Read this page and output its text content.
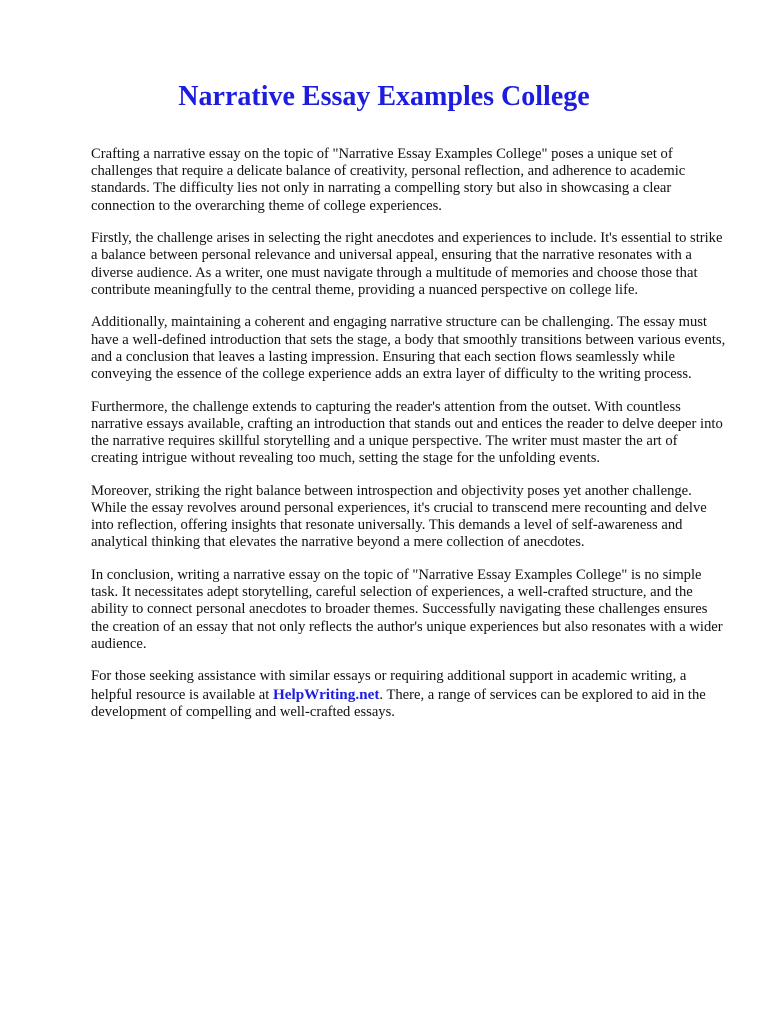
Narrative Essay Examples College

Crafting a narrative essay on the topic of "Narrative Essay Examples College" poses a unique set of challenges that require a delicate balance of creativity, personal reflection, and adherence to academic standards. The difficulty lies not only in narrating a compelling story but also in showcasing a clear connection to the overarching theme of college experiences.

Firstly, the challenge arises in selecting the right anecdotes and experiences to include. It's essential to strike a balance between personal relevance and universal appeal, ensuring that the narrative resonates with a diverse audience. As a writer, one must navigate through a multitude of memories and choose those that contribute meaningfully to the central theme, providing a nuanced perspective on college life.

Additionally, maintaining a coherent and engaging narrative structure can be challenging. The essay must have a well-defined introduction that sets the stage, a body that smoothly transitions between various events, and a conclusion that leaves a lasting impression. Ensuring that each section flows seamlessly while conveying the essence of the college experience adds an extra layer of difficulty to the writing process.

Furthermore, the challenge extends to capturing the reader's attention from the outset. With countless narrative essays available, crafting an introduction that stands out and entices the reader to delve deeper into the narrative requires skillful storytelling and a unique perspective. The writer must master the art of creating intrigue without revealing too much, setting the stage for the unfolding events.

Moreover, striking the right balance between introspection and objectivity poses yet another challenge. While the essay revolves around personal experiences, it's crucial to transcend mere recounting and delve into reflection, offering insights that resonate universally. This demands a level of self-awareness and analytical thinking that elevates the narrative beyond a mere collection of anecdotes.

In conclusion, writing a narrative essay on the topic of "Narrative Essay Examples College" is no simple task. It necessitates adept storytelling, careful selection of experiences, a well-crafted structure, and the ability to connect personal anecdotes to broader themes. Successfully navigating these challenges ensures the creation of an essay that not only reflects the author's unique experiences but also resonates with a wider audience.

For those seeking assistance with similar essays or requiring additional support in academic writing, a helpful resource is available at HelpWriting.net. There, a range of services can be explored to aid in the development of compelling and well-crafted essays.
